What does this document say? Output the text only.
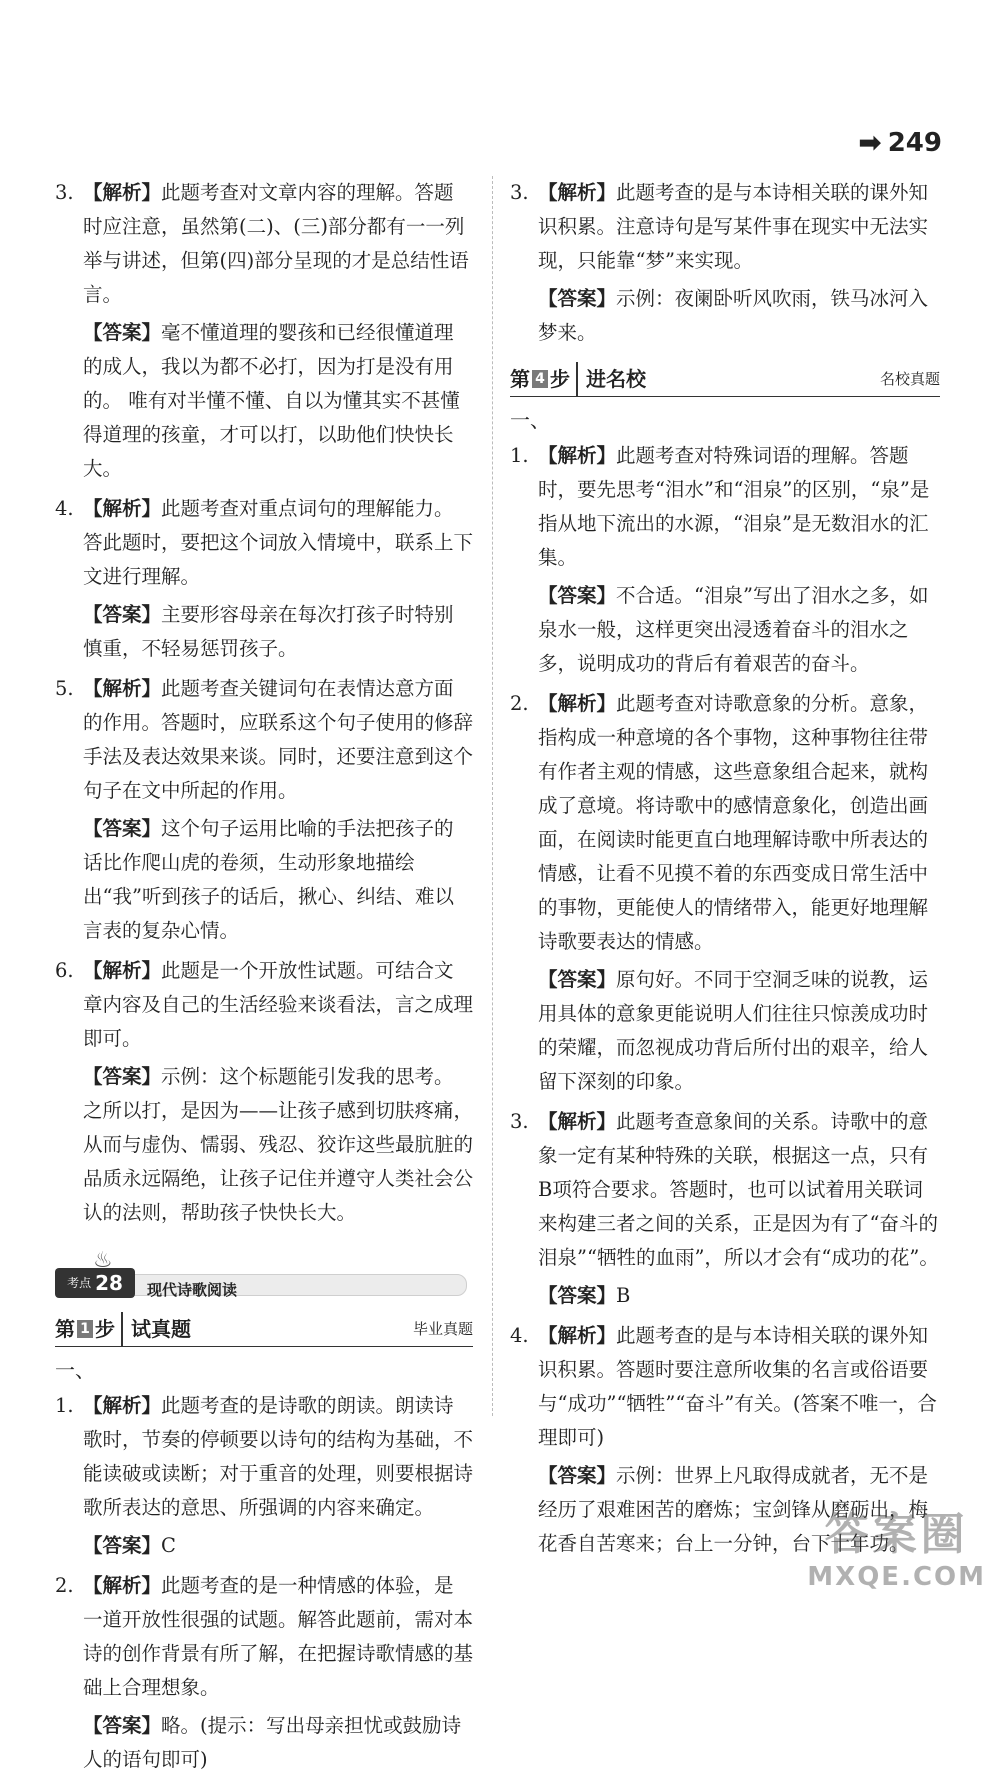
➡ 249
3. 【解析】此题考查对文章内容的理解。答题时应注意，虽然第(二)、(三)部分都有一一列举与讲述，但第(四)部分呈现的才是总结性语言。
【答案】毫不懂道理的婴孩和已经很懂道理的成人，我以为都不必打，因为打是没有用的。 唯有对半懂不懂、自以为懂其实不甚懂得道理的孩童，才可以打，以助他们快快长大。
4. 【解析】此题考查对重点词句的理解能力。答此题时，要把这个词放入情境中，联系上下文进行理解。
【答案】主要形容母亲在每次打孩子时特别慎重，不轻易惩罚孩子。
5. 【解析】此题考查关键词句在表情达意方面的作用。答题时，应联系这个句子使用的修辞手法及表达效果来谈。同时，还要注意到这个句子在文中所起的作用。
【答案】这个句子运用比喻的手法把孩子的话比作爬山虎的卷须，生动形象地描绘出“我”听到孩子的话后，揪心、纠结、难以言表的复杂心情。
6. 【解析】此题是一个开放性试题。可结合文章内容及自己的生活经验来谈看法，言之成理即可。
【答案】示例：这个标题能引发我的思考。之所以打，是因为——让孩子感到切肤疼痛，从而与虚伪、懦弱、残忍、狡诈这些最肮脏的品质永远隔绝，让孩子记住并遵守人类社会公认的法则，帮助孩子快快长大。
考点 28
♨
现代诗歌阅读
第 1 步 试真题	毕业真题
一、
1. 【解析】此题考查的是诗歌的朗读。朗读诗歌时，节奏的停顿要以诗句的结构为基础，不能读破或读断；对于重音的处理，则要根据诗歌所表达的意思、所强调的内容来确定。
【答案】C
2. 【解析】此题考查的是一种情感的体验，是一道开放性很强的试题。解答此题前，需对本诗的创作背景有所了解，在把握诗歌情感的基础上合理想象。
【答案】略。(提示：写出母亲担忧或鼓励诗人的语句即可)
3. 【解析】此题考查的是与本诗相关联的课外知识积累。注意诗句是写某件事在现实中无法实现，只能靠“梦”来实现。
【答案】示例：夜阑卧听风吹雨，铁马冰河入梦来。
第 4 步 进名校	名校真题
一、
1. 【解析】此题考查对特殊词语的理解。答题时，要先思考“泪水”和“泪泉”的区别，“泉”是指从地下流出的水源，“泪泉”是无数泪水的汇集。
【答案】不合适。“泪泉”写出了泪水之多，如泉水一般，这样更突出浸透着奋斗的泪水之多，说明成功的背后有着艰苦的奋斗。
2. 【解析】此题考查对诗歌意象的分析。意象，指构成一种意境的各个事物，这种事物往往带有作者主观的情感，这些意象组合起来，就构成了意境。将诗歌中的感情意象化，创造出画面，在阅读时能更直白地理解诗歌中所表达的情感，让看不见摸不着的东西变成日常生活中的事物，更能使人的情绪带入，能更好地理解诗歌要表达的情感。
【答案】原句好。不同于空洞乏味的说教，运用具体的意象更能说明人们往往只惊羡成功时的荣耀，而忽视成功背后所付出的艰辛，给人留下深刻的印象。
3. 【解析】此题考查意象间的关系。诗歌中的意象一定有某种特殊的关联，根据这一点，只有B项符合要求。答题时，也可以试着用关联词来构建三者之间的关系，正是因为有了“奋斗的泪泉”“牺牲的血雨”，所以才会有“成功的花”。
【答案】B
4. 【解析】此题考查的是与本诗相关联的课外知识积累。答题时要注意所收集的名言或俗语要与“成功”“牺牲”“奋斗”有关。(答案不唯一，合理即可)
【答案】示例：世界上凡取得成就者，无不是经历了艰难困苦的磨炼；宝剑锋从磨砺出，梅花香自苦寒来；台上一分钟，台下十年功。
答案圈
MXQE.COM
